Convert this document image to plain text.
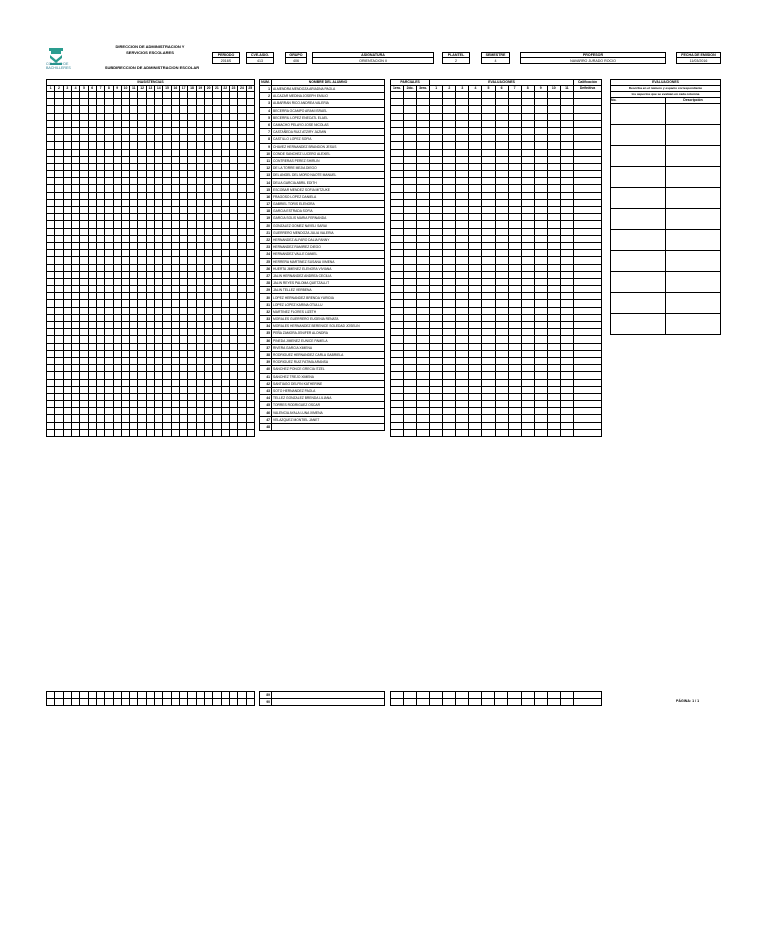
COLEGIO DE
BACHILLERES
DIRECCION DE ADMINISTRACION Y
SERVICIOS ESCOLARES
SUBDIRECCION DE ADMINISTRACION ESCOLAR
PERIODO
2016S
CVE.ASIG.
413
GRUPO
406
ASIGNATURA
ORIENTACION II
PLANTEL
2
SEMESTRE
4
PROFESOR
NAVARRO JURADO ROCIO
FECHA DE EMISION
11/03/2016
INASISTENCIAS																								
1	2	3	4	5	6	7	8	9	10	11	12	13	14	15	16	17	18	19	20	21	22	23	24	25

NUM.	NOMBRE DEL ALUMNO

1	ALMENDRA MENDOZA ARIADNA PAOLA
2	ALCAZAR MEDINA JOSEPH EMILIO
3	ALBARRAN RICO ANDREA VALERIA
4	BECERRA OCAMPO ARAM ISRAEL
5	BECERRIL LOPEZ ENECATL ELAEL
6	CAMACHO PELAYO JOSE NICOLAS
7	CASTAÑEDA RUIZ ATZIRY JAZMIN
8	CASTILLO LOPEZ SOFIA
9	CHAVEZ HERNANDEZ BRANDON JESUS
10	CONDE SANCHEZ LUCERO ALEXIEL
11	CONTRERAS PEREZ SHIRLIN
12	DE LA TORRE MEJIA DIEGO
13	DEL ANGEL DEL MORO NAOTE MANUEL
14	DELIA GARCIA ABRIL EDITH
15	ESCOBAR MENDEZ SOFIA MITZUKE
16	FRAGOSO LOPEZ DANIELA
17	GABRIEL TORIS ELENORA
18	GARCIA ESTRADA SOFIA
19	GARCIA SOLIS MARIA FERNANDA
20	GONZALEZ GOMEZ NAYELI SARAI
21	GUERRERO MENDOZA JULIA VALERIA
22	HERNANDEZ ALFARO DALIA FANNY
23	HERNANDEZ RAMIREZ DIEGO
24	HERNANDEZ VALLE DANIEL
25	HERRERA MARTINEZ SUSANA XIMENA
26	HUERTA JIMENEZ ELENORA VIVIANA
27	JALIN HERNANDEZ ANDREA CECILIA
28	JALIN REYES PALOMA QUETZALLIT
29	JALIN TELLEZ VERBENA
30	LOPEZ HERNANDEZ BRENDA YURIDIA
31	LOPEZ LOPEZ KARINA OTULLU
32	MARTINEZ FLORES LIZETH
33	MORALES GUERRERO EUGENIA RENATA
34	MORALES HERNANDEZ BERENICE SOLEDAD JOSELIN
35	PEÑA ZAMORA JENIFER ALONDRA
36	PINEDA JIMENEZ EUNICE PAMELA
37	RIVERA GARCIA XIMENA
38	RODRIGUEZ HERNANDEZ CARLA GABRIELA
39	RODRIGUEZ RUIZ FATIMA ARANSA
40	SANCHEZ PONCE GRECIA ITZEL
41	SANCHEZ TREJO XIMENA
42	SANTIAGO DELFIN KATHERINE
43	SOTO HERNANDEZ PAOLA
44	TELLEZ GONZALEZ BRENDA LILIANA
45	TORRES RODRIGUEZ OSCAR
46	VALENCIA AYALA LUNA XIMENA
47	VELAZQUEZ MONTIEL JANET
48	
PARCIALES			EVALUACIONES											Calificación
1ero.	2do.	3ero.	1	2	3	4	5	6	7	8	9	10	11	Definitiva

EVALUACIONES	
Describa en el número y espacio correspondiente	
los aspectos que se evalúan en cada columna	
No.	Descripción

89	
90	

															PÁGINA: 1 / 1
